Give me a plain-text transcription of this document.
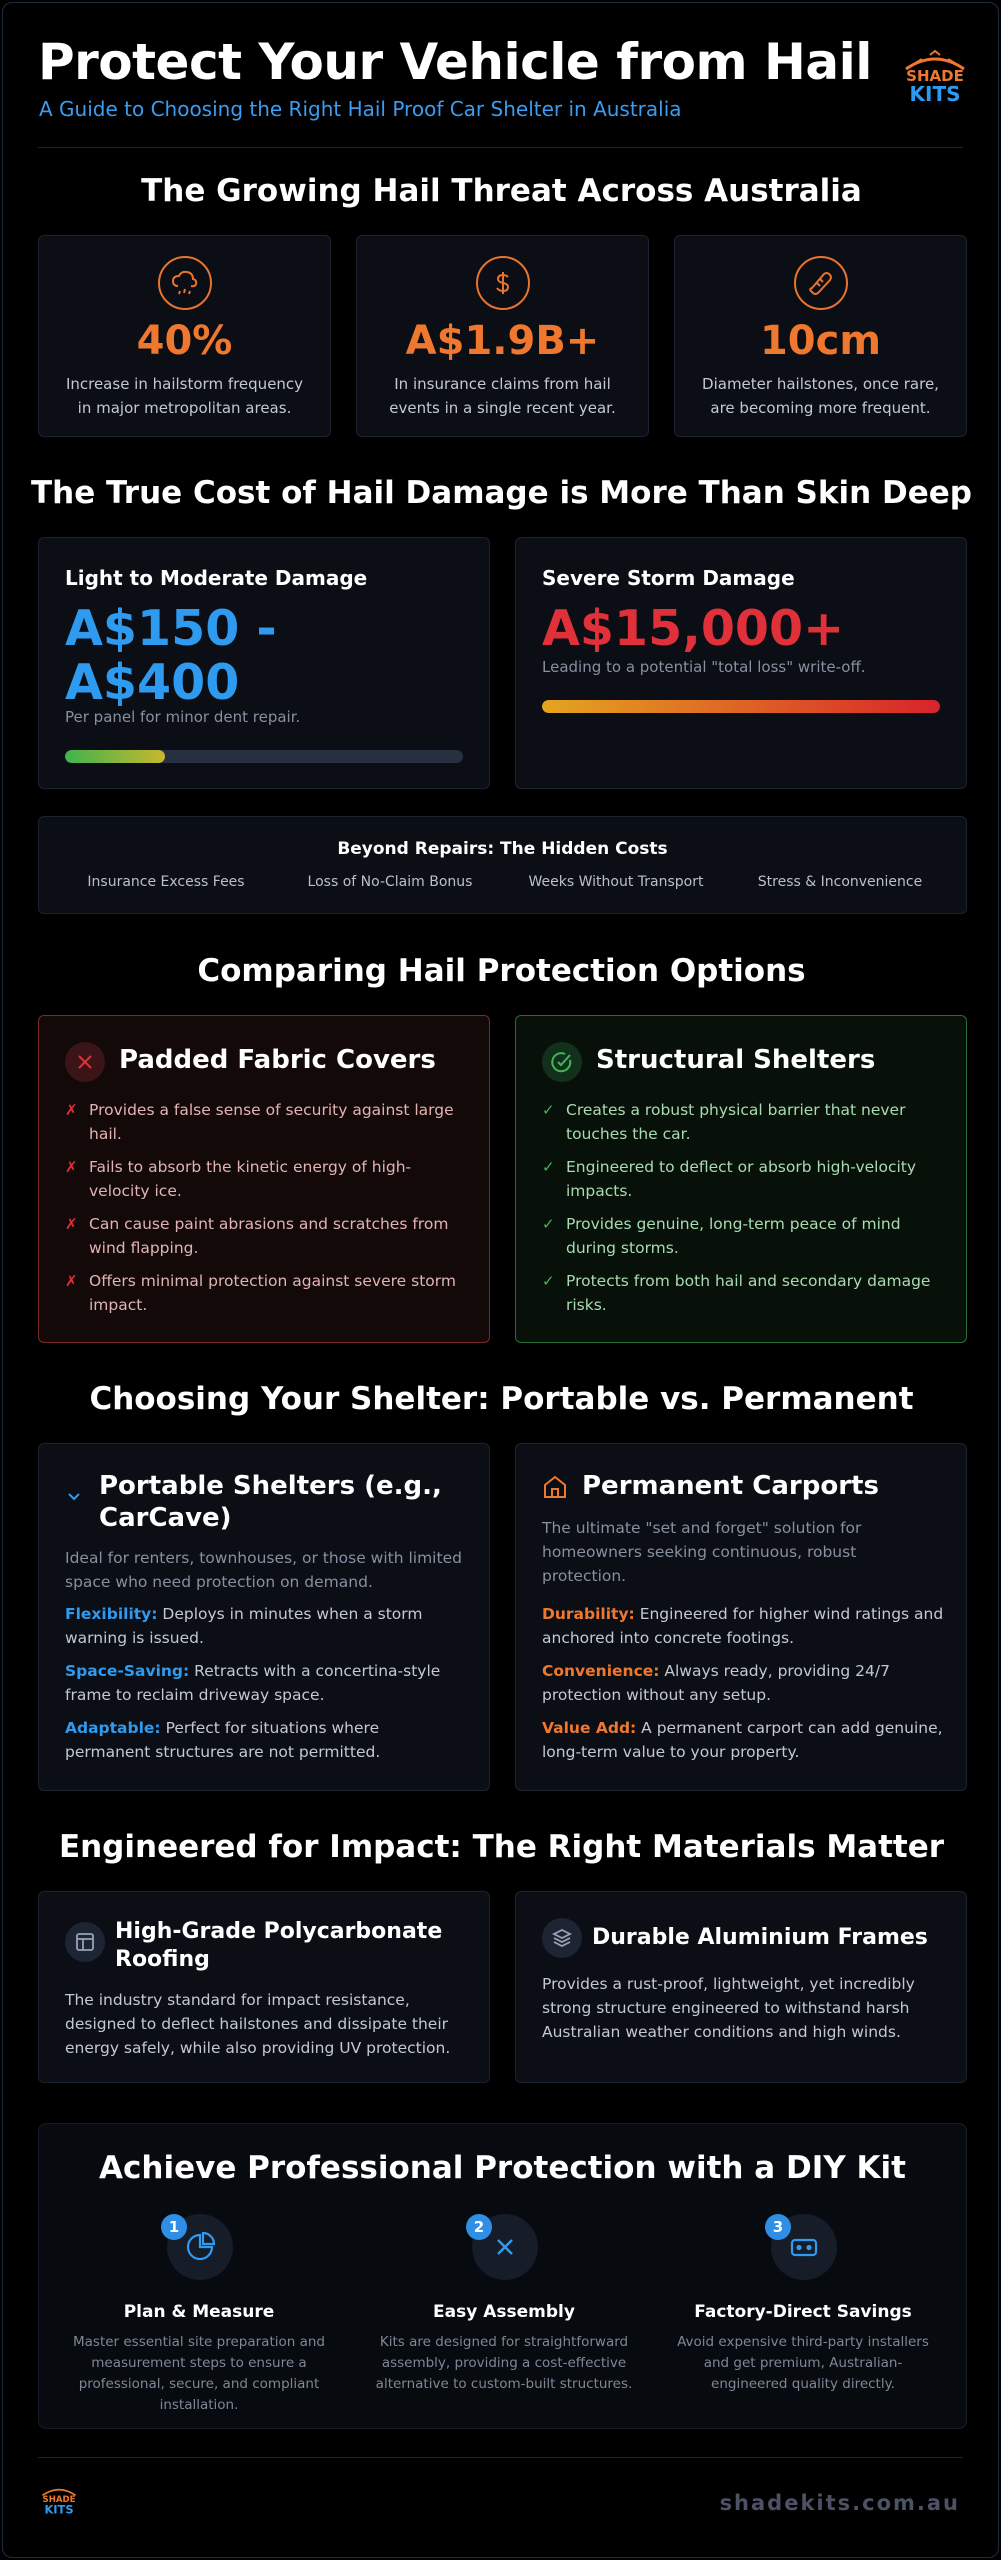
Protect Your Vehicle from Hail
A Guide to Choosing the Right Hail Proof Car Shelter in Australia
SHADE
KITS
The Growing Hail Threat Across Australia
40%
Increase in hailstorm frequency in major metropolitan areas.
A$1.9B+
In insurance claims from hail events in a single recent year.
10cm
Diameter hailstones, once rare, are becoming more frequent.
The True Cost of Hail Damage is More Than Skin Deep
Light to Moderate Damage
A$150 -
A$400
Per panel for minor dent repair.
Severe Storm Damage
A$15,000+
Leading to a potential "total loss" write-off.
Beyond Repairs: The Hidden Costs
Insurance Excess Fees	Loss of No-Claim Bonus	Weeks Without Transport	Stress & Inconvenience
Comparing Hail Protection Options
Padded Fabric Covers
✗ Provides a false sense of security against large hail.
✗ Fails to absorb the kinetic energy of high-velocity ice.
✗ Can cause paint abrasions and scratches from wind flapping.
✗ Offers minimal protection against severe storm impact.
Structural Shelters
✓ Creates a robust physical barrier that never touches the car.
✓ Engineered to deflect or absorb high-velocity impacts.
✓ Provides genuine, long-term peace of mind during storms.
✓ Protects from both hail and secondary damage risks.
Choosing Your Shelter: Portable vs. Permanent
Portable Shelters (e.g., CarCave)
Ideal for renters, townhouses, or those with limited space who need protection on demand.
Flexibility: Deploys in minutes when a storm warning is issued.
Space-Saving: Retracts with a concertina-style frame to reclaim driveway space.
Adaptable: Perfect for situations where permanent structures are not permitted.
Permanent Carports
The ultimate "set and forget" solution for homeowners seeking continuous, robust protection.
Durability: Engineered for higher wind ratings and anchored into concrete footings.
Convenience: Always ready, providing 24/7 protection without any setup.
Value Add: A permanent carport can add genuine, long-term value to your property.
Engineered for Impact: The Right Materials Matter
High-Grade Polycarbonate Roofing
The industry standard for impact resistance, designed to deflect hailstones and dissipate their energy safely, while also providing UV protection.
Durable Aluminium Frames
Provides a rust-proof, lightweight, yet incredibly strong structure engineered to withstand harsh Australian weather conditions and high winds.
Achieve Professional Protection with a DIY Kit
1
Plan & Measure
Master essential site preparation and measurement steps to ensure a professional, secure, and compliant installation.
2
Easy Assembly
Kits are designed for straightforward assembly, providing a cost-effective alternative to custom-built structures.
3
Factory-Direct Savings
Avoid expensive third-party installers and get premium, Australian-engineered quality directly.
SHADE
KITS	shadekits.com.au
